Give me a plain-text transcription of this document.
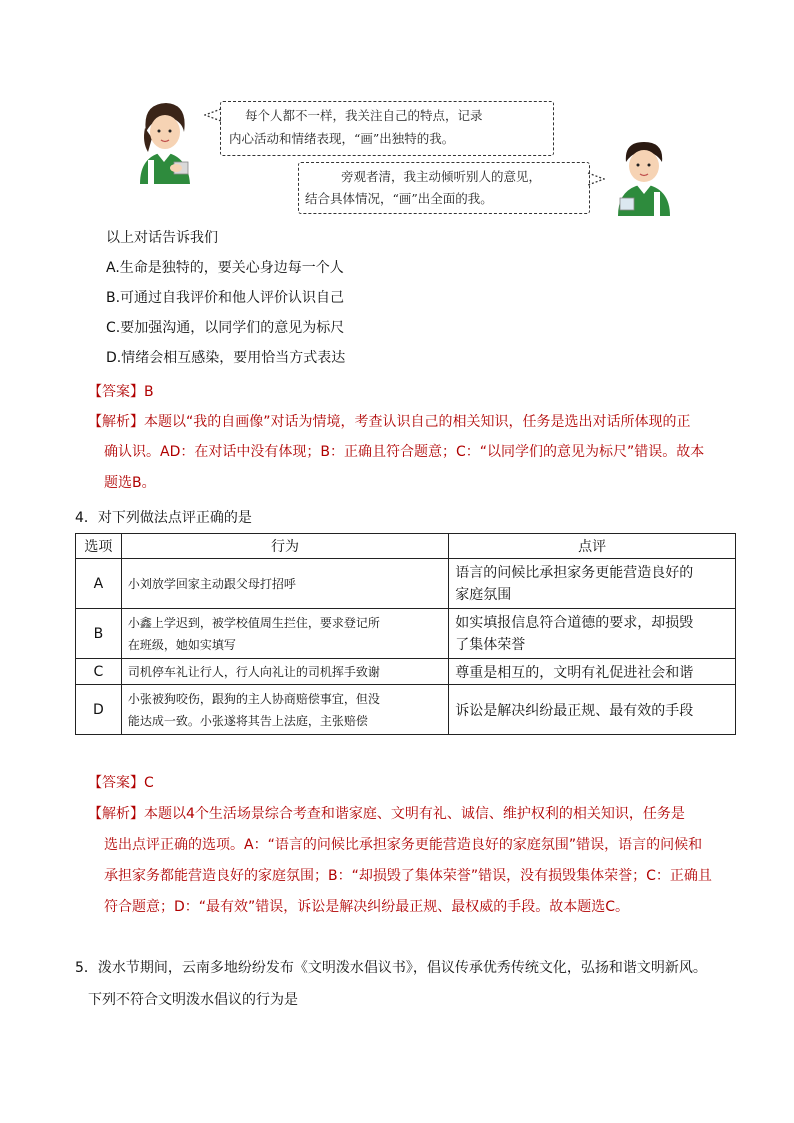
每个人都不一样，我关注自己的特点，记录
内心活动和情绪表现，“画”出独特的我。
旁观者清，我主动倾听别人的意见，
结合具体情况，“画”出全面的我。
以上对话告诉我们
A.生命是独特的，要关心身边每一个人
B.可通过自我评价和他人评价认识自己
C.要加强沟通，以同学们的意见为标尺
D.情绪会相互感染，要用恰当方式表达
【答案】B
【解析】本题以“我的自画像”对话为情境，考查认识自己的相关知识，任务是选出对话所体现的正
确认识。AD：在对话中没有体现；B：正确且符合题意；C：“以同学们的意见为标尺”错误。故本
题选B。
4．对下列做法点评正确的是
选项	行为	点评
A	小刘放学回家主动跟父母打招呼	语言的问候比承担家务更能营造良好的
家庭氛围

B	小鑫上学迟到，被学校值周生拦住，要求登记所
在班级，她如实填写	如实填报信息符合道德的要求，却损毁
了集体荣誉

C	司机停车礼让行人，行人向礼让的司机挥手致谢	尊重是相互的，文明有礼促进社会和谐

D	小张被狗咬伤，跟狗的主人协商赔偿事宜，但没
能达成一致。小张遂将其告上法庭，主张赔偿	诉讼是解决纠纷最正规、最有效的手段
【答案】C
【解析】本题以4个生活场景综合考查和谐家庭、文明有礼、诚信、维护权利的相关知识，任务是
选出点评正确的选项。A：“语言的问候比承担家务更能营造良好的家庭氛围”错误，语言的问候和
承担家务都能营造良好的家庭氛围；B：“却损毁了集体荣誉”错误，没有损毁集体荣誉；C：正确且
符合题意；D：“最有效”错误，诉讼是解决纠纷最正规、最权威的手段。故本题选C。
5．泼水节期间，云南多地纷纷发布《文明泼水倡议书》，倡议传承优秀传统文化，弘扬和谐文明新风。
下列不符合文明泼水倡议的行为是
